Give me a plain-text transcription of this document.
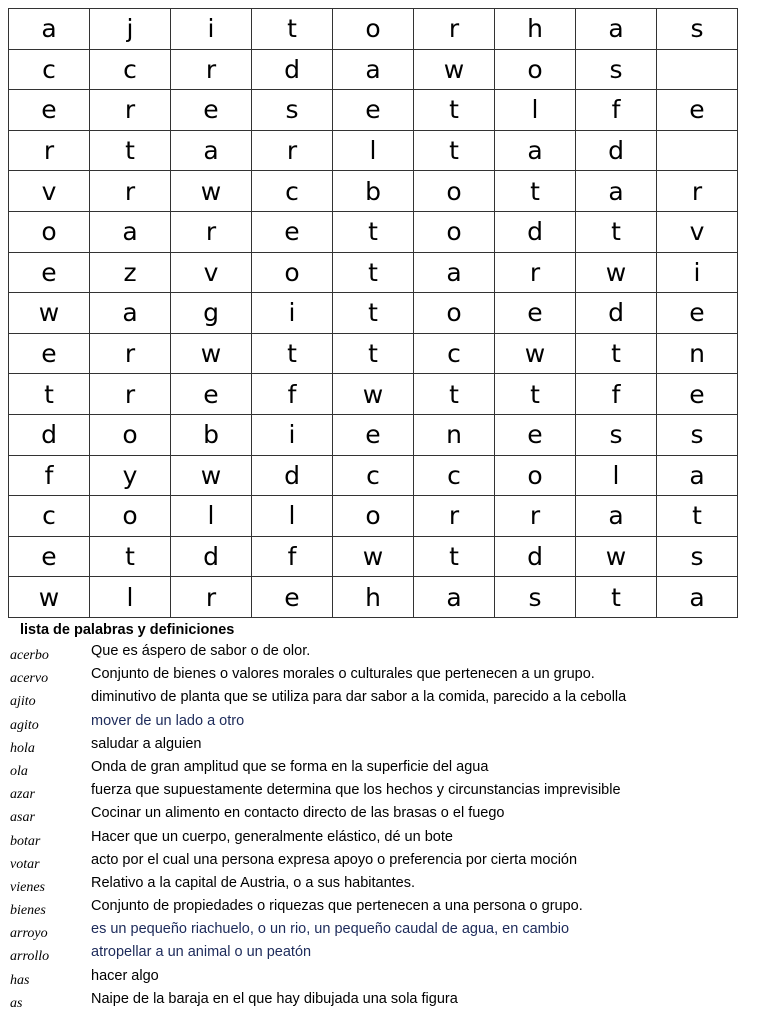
a	j	i	t	o	r	h	a	s
c	c	r	d	a	w	o	s	
e	r	e	s	e	t	l	f	e
r	t	a	r	l	t	a	d	
v	r	w	c	b	o	t	a	r
o	a	r	e	t	o	d	t	v
e	z	v	o	t	a	r	w	i
w	a	g	i	t	o	e	d	e
e	r	w	t	t	c	w	t	n
t	r	e	f	w	t	t	f	e
d	o	b	i	e	n	e	s	s
f	y	w	d	c	c	o	l	a
c	o	l	l	o	r	r	a	t
e	t	d	f	w	t	d	w	s
w	l	r	e	h	a	s	t	a
lista de palabras y definiciones
acerbo	Que es áspero de sabor o de olor.
acervo	Conjunto de bienes o valores morales o culturales que pertenecen a un grupo.
ajito	diminutivo de planta que se utiliza para dar sabor a la comida, parecido a la cebolla
agito	mover de un lado a otro
hola	saludar a alguien
ola	Onda de gran amplitud que se forma en la superficie del agua
azar	fuerza que supuestamente determina que los hechos y circunstancias imprevisible
asar	Cocinar un alimento en contacto directo de las brasas o el fuego
botar	Hacer que un cuerpo, generalmente elástico, dé un bote
votar	acto por el cual una persona expresa apoyo o preferencia por cierta moción
vienes	Relativo a la capital de Austria, o a sus habitantes.
bienes	Conjunto de propiedades o riquezas que pertenecen a una persona o grupo.
arroyo	es un pequeño riachuelo, o un rio, un pequeño caudal de agua, en cambio
arrollo	atropellar a un animal o un peatón
has	hacer algo
as	Naipe de la baraja en el que hay dibujada una sola figura
